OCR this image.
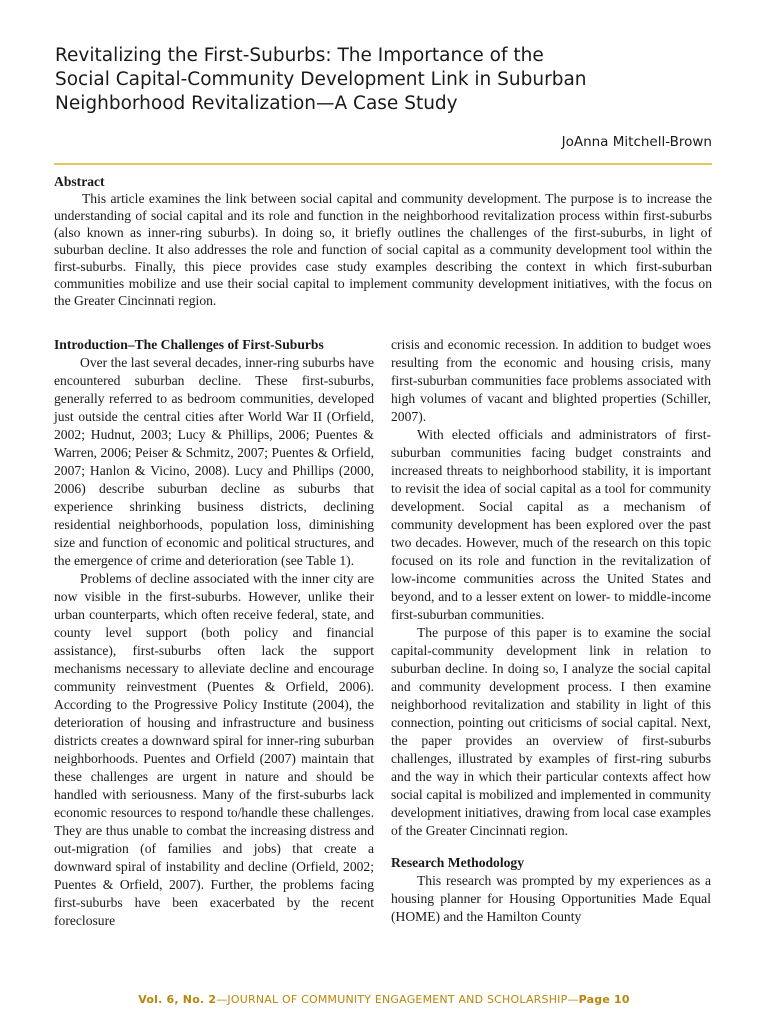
Revitalizing the First-Suburbs: The Importance of the
Social Capital-Community Development Link in Suburban
Neighborhood Revitalization—A Case Study
JoAnna Mitchell-Brown
Abstract

This article examines the link between social capital and community development. The purpose is to increase the understanding of social capital and its role and function in the neighborhood revitalization process within first-suburbs (also known as inner-ring suburbs). In doing so, it briefly outlines the challenges of the first-suburbs, in light of suburban decline. It also addresses the role and function of social capital as a community development tool within the first-suburbs. Finally, this piece provides case study examples describing the context in which first-suburban communities mobilize and use their social capital to implement community development initiatives, with the focus on the Greater Cincinnati region.

Introduction–The Challenges of First-Suburbs

Over the last several decades, inner-ring suburbs have encountered suburban decline. These first-suburbs, generally referred to as bedroom communities, developed just outside the central cities after World War II (Orfield, 2002; Hudnut, 2003; Lucy & Phillips, 2006; Puentes & Warren, 2006; Peiser & Schmitz, 2007; Puentes & Orfield, 2007; Hanlon & Vicino, 2008). Lucy and Phillips (2000, 2006) describe suburban decline as suburbs that experience shrinking business districts, declining residential neighborhoods, population loss, diminishing size and function of economic and political structures, and the emergence of crime and deterioration (see Table 1).

Problems of decline associated with the inner city are now visible in the first-suburbs. However, unlike their urban counterparts, which often receive federal, state, and county level support (both policy and financial assistance), first-suburbs often lack the support mechanisms necessary to alleviate decline and encourage community reinvestment (Puentes & Orfield, 2006). According to the Progressive Policy Institute (2004), the deterioration of housing and infrastructure and business districts creates a downward spiral for inner-ring suburban neighborhoods. Puentes and Orfield (2007) maintain that these challenges are urgent in nature and should be handled with seriousness. Many of the first-suburbs lack economic resources to respond to/handle these challenges. They are thus unable to combat the increasing distress and out-migration (of families and jobs) that create a downward spiral of instability and decline (Orfield, 2002; Puentes & Orfield, 2007). Further, the problems facing first-suburbs have been exacerbated by the recent foreclosure

crisis and economic recession. In addition to budget woes resulting from the economic and housing crisis, many first-suburban communities face problems associated with high volumes of vacant and blighted properties (Schiller, 2007).

With elected officials and administrators of first-suburban communities facing budget constraints and increased threats to neighborhood stability, it is important to revisit the idea of social capital as a tool for community development. Social capital as a mechanism of community development has been explored over the past two decades. However, much of the research on this topic focused on its role and function in the revitalization of low-income communities across the United States and beyond, and to a lesser extent on lower- to middle-income first-suburban communities.

The purpose of this paper is to examine the social capital-community development link in relation to suburban decline. In doing so, I analyze the social capital and community development process. I then examine neighborhood revitalization and stability in light of this connection, pointing out criticisms of social capital. Next, the paper provides an overview of first-suburbs challenges, illustrated by examples of first-ring suburbs and the way in which their particular contexts affect how social capital is mobilized and implemented in community development initiatives, drawing from local case examples of the Greater Cincinnati region.

Research Methodology

This research was prompted by my experiences as a housing planner for Housing Opportunities Made Equal (HOME) and the Hamilton County

Vol. 6, No. 2—JOURNAL OF COMMUNITY ENGAGEMENT AND SCHOLARSHIP—Page 10
